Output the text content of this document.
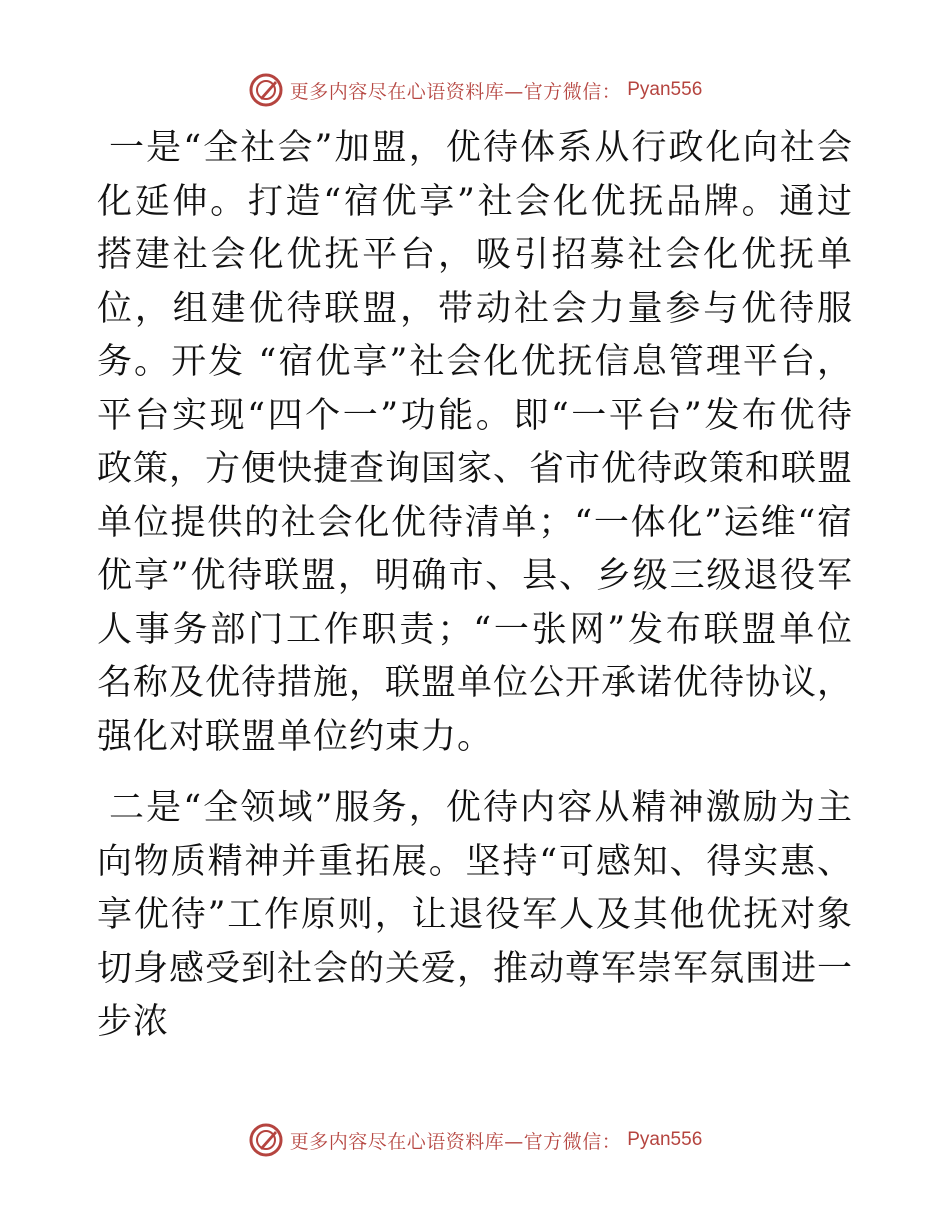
更多内容尽在心语资料库—官方微信： Pyan556

一是“全社会”加盟，优待体系从行政化向社会化延伸。打造“宿优享”社会化优抚品牌。通过搭建社会化优抚平台，吸引招募社会化优抚单位，组建优待联盟，带动社会力量参与优待服务。开发 “宿优享”社会化优抚信息管理平台，平台实现“四个一”功能。即“一平台”发布优待政策，方便快捷查询国家、省市优待政策和联盟单位提供的社会化优待清单；“一体化”运维“宿优享”优待联盟，明确市、县、乡级三级退役军人事务部门工作职责；“一张网”发布联盟单位名称及优待措施，联盟单位公开承诺优待协议，强化对联盟单位约束力。

二是“全领域”服务，优待内容从精神激励为主向物质精神并重拓展。坚持“可感知、得实惠、享优待”工作原则，让退役军人及其他优抚对象切身感受到社会的关爱，推动尊军崇军氛围进一步浓

更多内容尽在心语资料库—官方微信： Pyan556
